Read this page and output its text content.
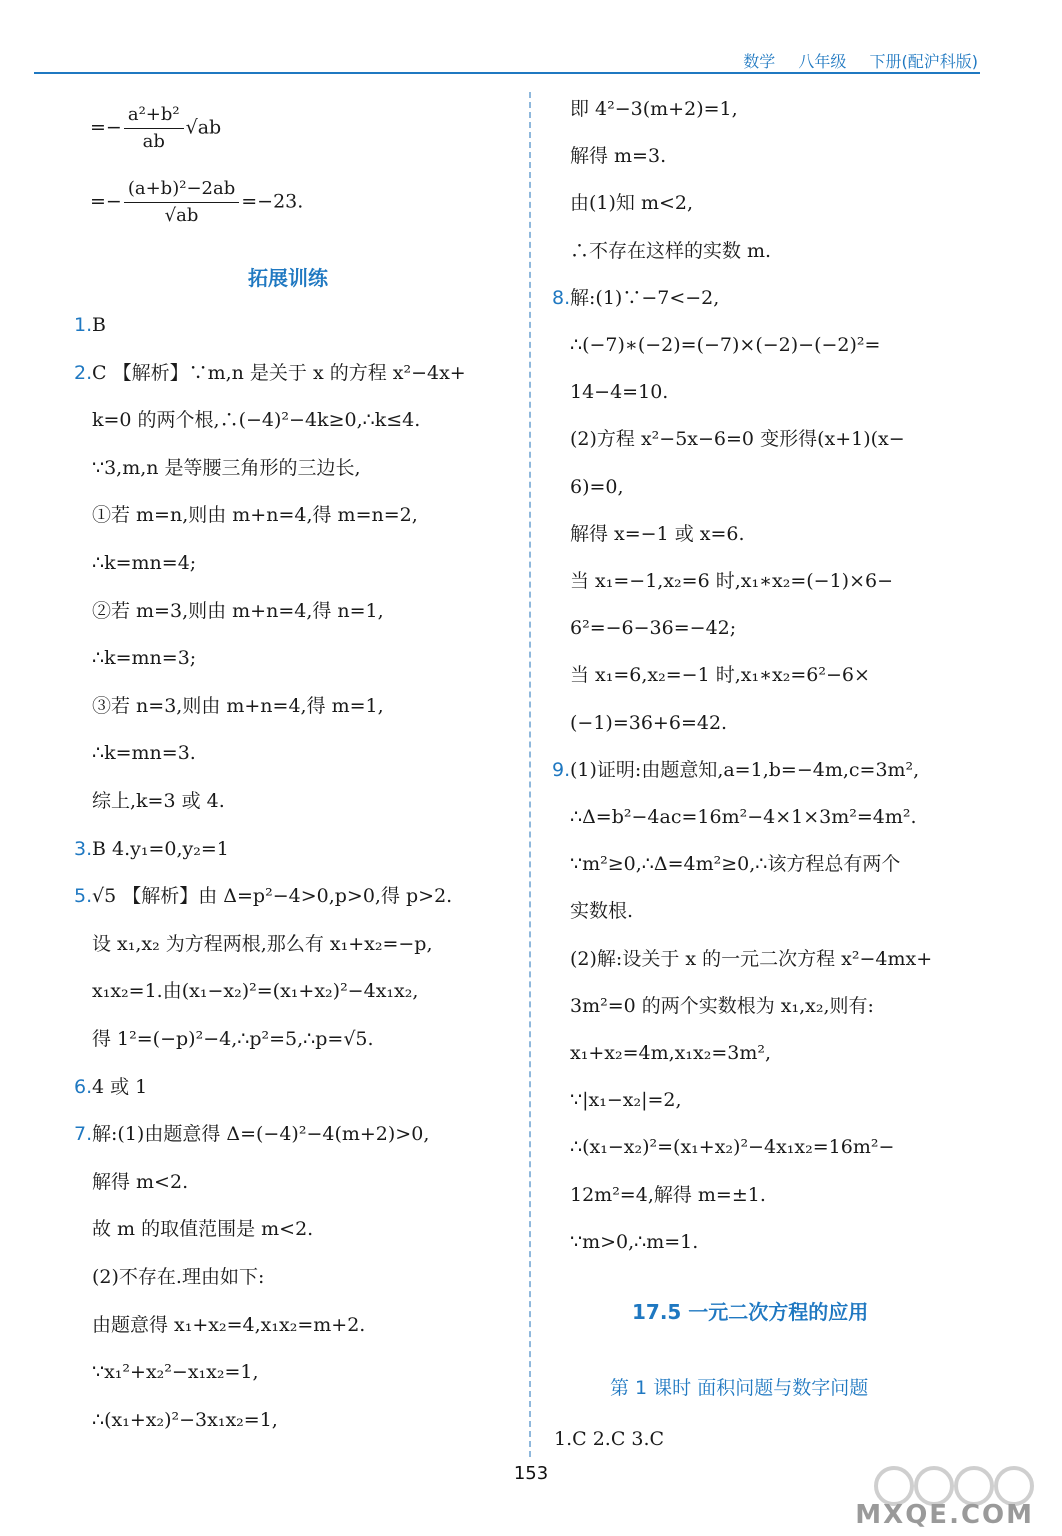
数学 八年级 下册(配沪科版)
=− $\frac{\text{a²+b²}}{ab} √ab$
=− $\frac{\text{(a+b)²−2ab}}{√ab} =-23$.
拓展训练
1. B
2. C 【解析】∵m,n 是关于 x 的方程 x²−4x+
k=0 的两个根,∴(−4)²−4k≥0,∴k≤4.
∵3,m,n 是等腰三角形的三边长,
①若 m=n,则由 m+n=4,得 m=n=2,
∴k=mn=4;
②若 m=3,则由 m+n=4,得 n=1,
∴k=mn=3;
③若 n=3,则由 m+n=4,得 m=1,
∴k=mn=3.
综上,k=3 或 4.
3. B 4.y₁=0,y₂=1
5. √5 【解析】由 Δ=p²−4>0,p>0,得 p>2.
设 x₁,x₂ 为方程两根,那么有 x₁+x₂=−p,
x₁x₂=1.由(x₁−x₂)²=(x₁+x₂)²−4x₁x₂,
得 1²=(−p)²−4,∴p²=5,∴p=√5.
6. 4 或 1
7. 解:(1)由题意得 Δ=(−4)²−4(m+2)>0,
解得 m<2.
故 m 的取值范围是 m<2.
(2)不存在.理由如下:
由题意得 x₁+x₂=4,x₁x₂=m+2.
∵x₁²+x₂²−x₁x₂=1,
∴(x₁+x₂)²−3x₁x₂=1,
即 4²−3(m+2)=1,
解得 m=3.
由(1)知 m<2,
∴不存在这样的实数 m.
8. 解:(1)∵−7<−2,
∴(−7)∗(−2)=(−7)×(−2)−(−2)²=
14−4=10.
(2)方程 x²−5x−6=0 变形得(x+1)(x−
6)=0,
解得 x=−1 或 x=6.
当 x₁=−1,x₂=6 时,x₁∗x₂=(−1)×6−
6²=−6−36=−42;
当 x₁=6,x₂=−1 时,x₁∗x₂=6²−6×
(−1)=36+6=42.
9. (1)证明:由题意知,a=1,b=−4m,c=3m²,
∴Δ=b²−4ac=16m²−4×1×3m²=4m².
∵m²≥0,∴Δ=4m²≥0,∴该方程总有两个
实数根.
(2)解:设关于 x 的一元二次方程 x²−4mx+
3m²=0 的两个实数根为 x₁,x₂,则有:
x₁+x₂=4m,x₁x₂=3m²,
∵|x₁−x₂|=2,
∴(x₁−x₂)²=(x₁+x₂)²−4x₁x₂=16m²−
12m²=4,解得 m=±1.
∵m>0,∴m=1.
17.5 一元二次方程的应用
第 1 课时 面积问题与数字问题
1.C 2.C 3.C
153
MXQE.COM
